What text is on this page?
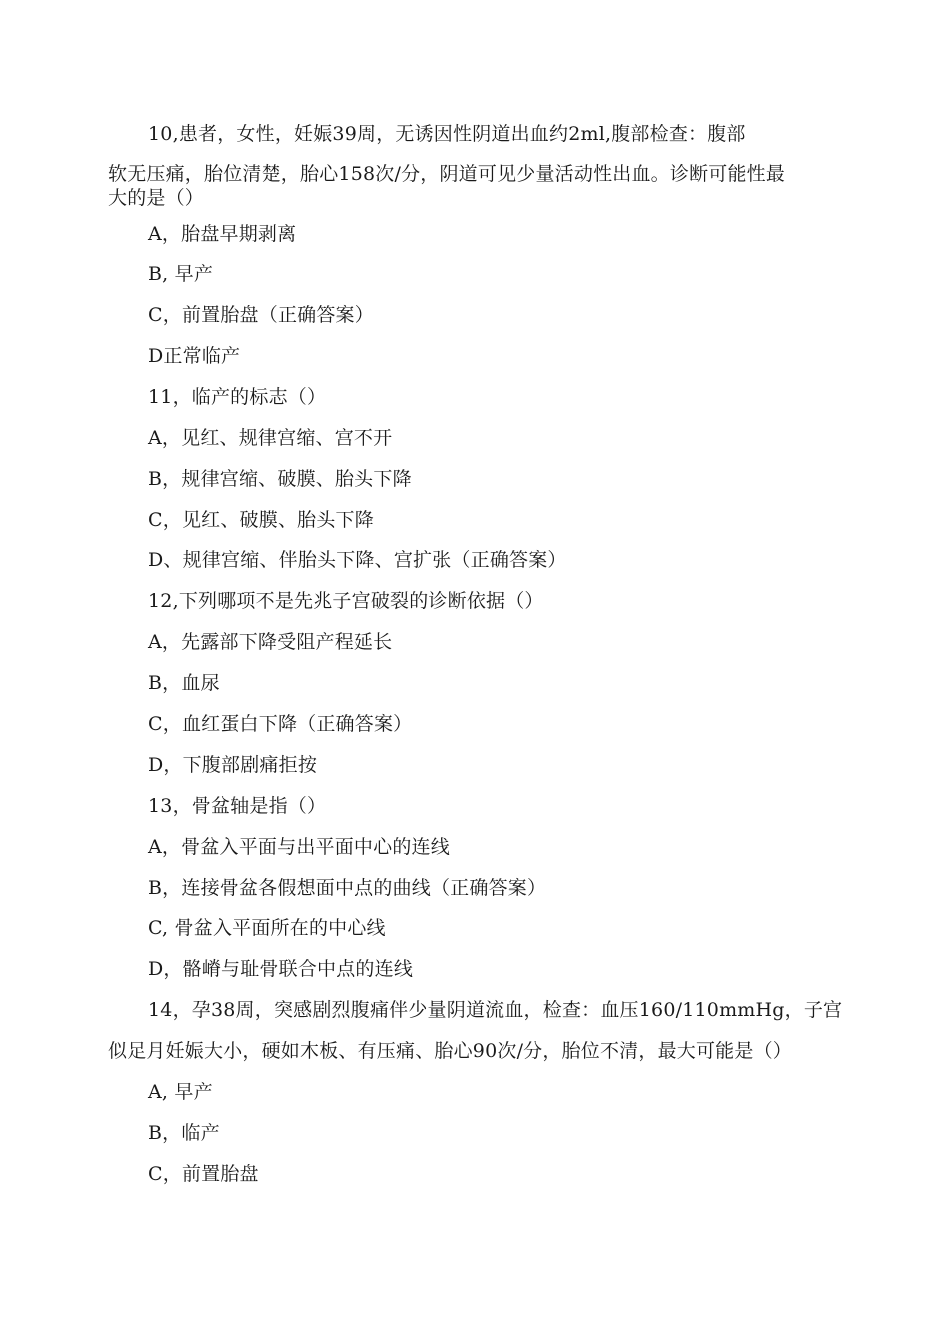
10,患者，女性，妊娠39周，无诱因性阴道出血约2ml,腹部检查：腹部
软无压痛，胎位清楚，胎心158次/分，阴道可见少量活动性出血。诊断可能性最
大的是（）
A，胎盘早期剥离
B, 早产
C，前置胎盘（正确答案）
D正常临产
11，临产的标志（）
A，见红、规律宫缩、宫不开
B，规律宫缩、破膜、胎头下降
C，见红、破膜、胎头下降
D、规律宫缩、伴胎头下降、宫扩张（正确答案）
12,下列哪项不是先兆子宫破裂的诊断依据（）
A，先露部下降受阻产程延长
B，血尿
C，血红蛋白下降（正确答案）
D，下腹部剧痛拒按
13，骨盆轴是指（）
A，骨盆入平面与出平面中心的连线
B，连接骨盆各假想面中点的曲线（正确答案）
C, 骨盆入平面所在的中心线
D，骼嵴与耻骨联合中点的连线
14，孕38周，突感剧烈腹痛伴少量阴道流血，检查：血压160/110mmHg，子宫
似足月妊娠大小，硬如木板、有压痛、胎心90次/分，胎位不清，最大可能是（）
A, 早产
B，临产
C，前置胎盘
